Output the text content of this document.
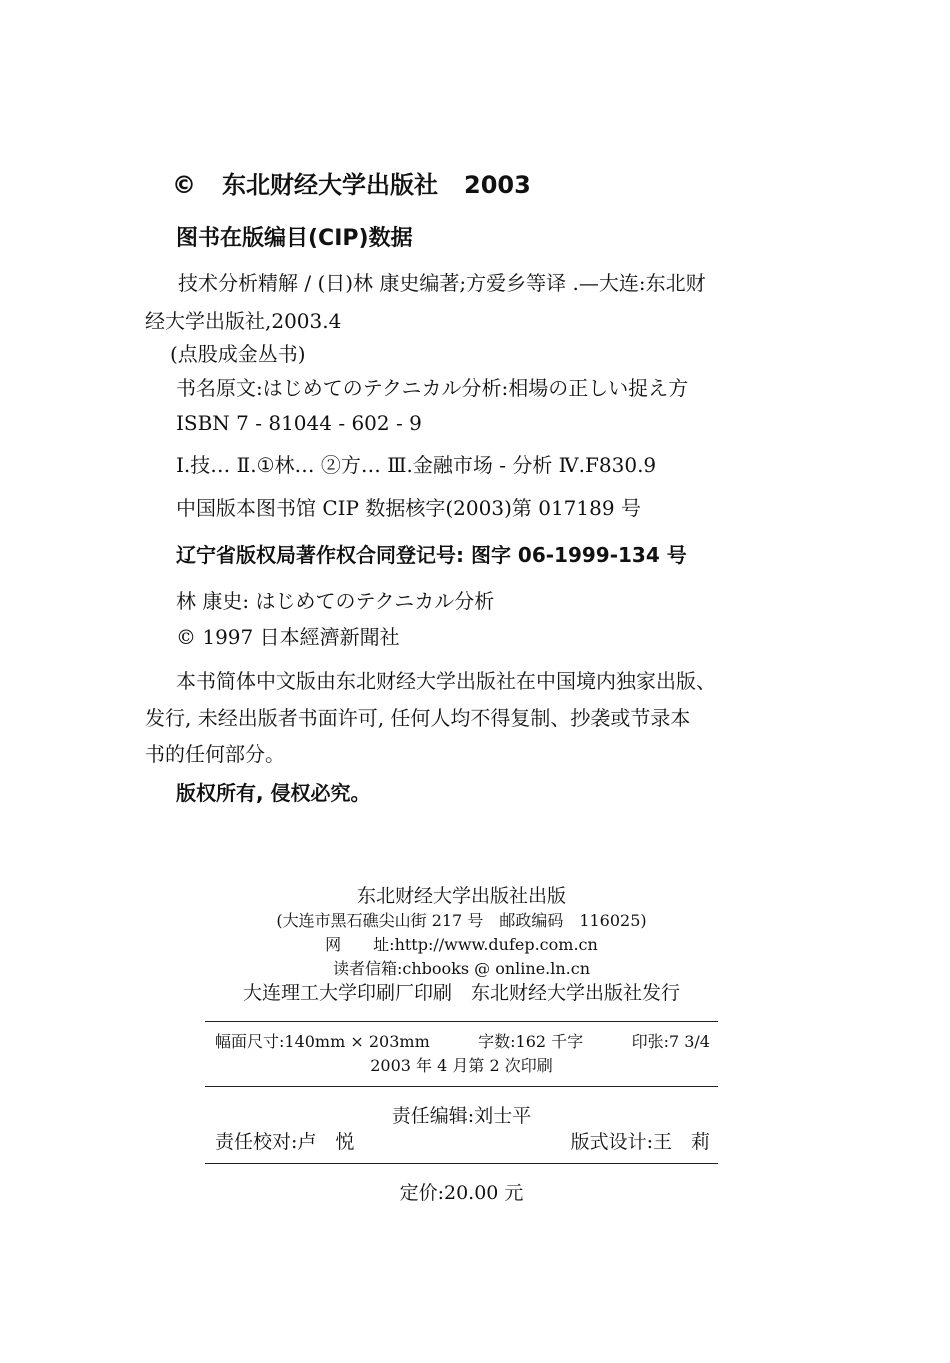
© 东北财经大学出版社 2003
图书在版编目(CIP)数据
技术分析精解 / (日)林 康史编著;方爱乡等译 .—大连:东北财
经大学出版社,2003.4
(点股成金丛书)
书名原文:はじめてのテクニカル分析:相場の正しい捉え方
ISBN 7 - 81044 - 602 - 9
Ⅰ.技… Ⅱ.①林… ②方… Ⅲ.金融市场 - 分析 Ⅳ.F830.9
中国版本图书馆 CIP 数据核字(2003)第 017189 号
辽宁省版权局著作权合同登记号: 图字 06-1999-134 号
林 康史: はじめてのテクニカル分析
© 1997 日本經濟新聞社
本书简体中文版由东北财经大学出版社在中国境内独家出版、
发行, 未经出版者书面许可, 任何人均不得复制、抄袭或节录本
书的任何部分。
版权所有, 侵权必究。
东北财经大学出版社出版
(大连市黑石礁尖山街 217 号　邮政编码　116025)
网　　址:http://www.dufep.com.cn
读者信箱:chbooks @ online.ln.cn
大连理工大学印刷厂印刷　东北财经大学出版社发行
幅面尺寸:140mm × 203mm	字数:162 千字	印张:7 3/4
2003 年 4 月第 2 次印刷
责任编辑:刘士平
责任校对:卢　悦	版式设计:王　莉
定价:20.00 元
